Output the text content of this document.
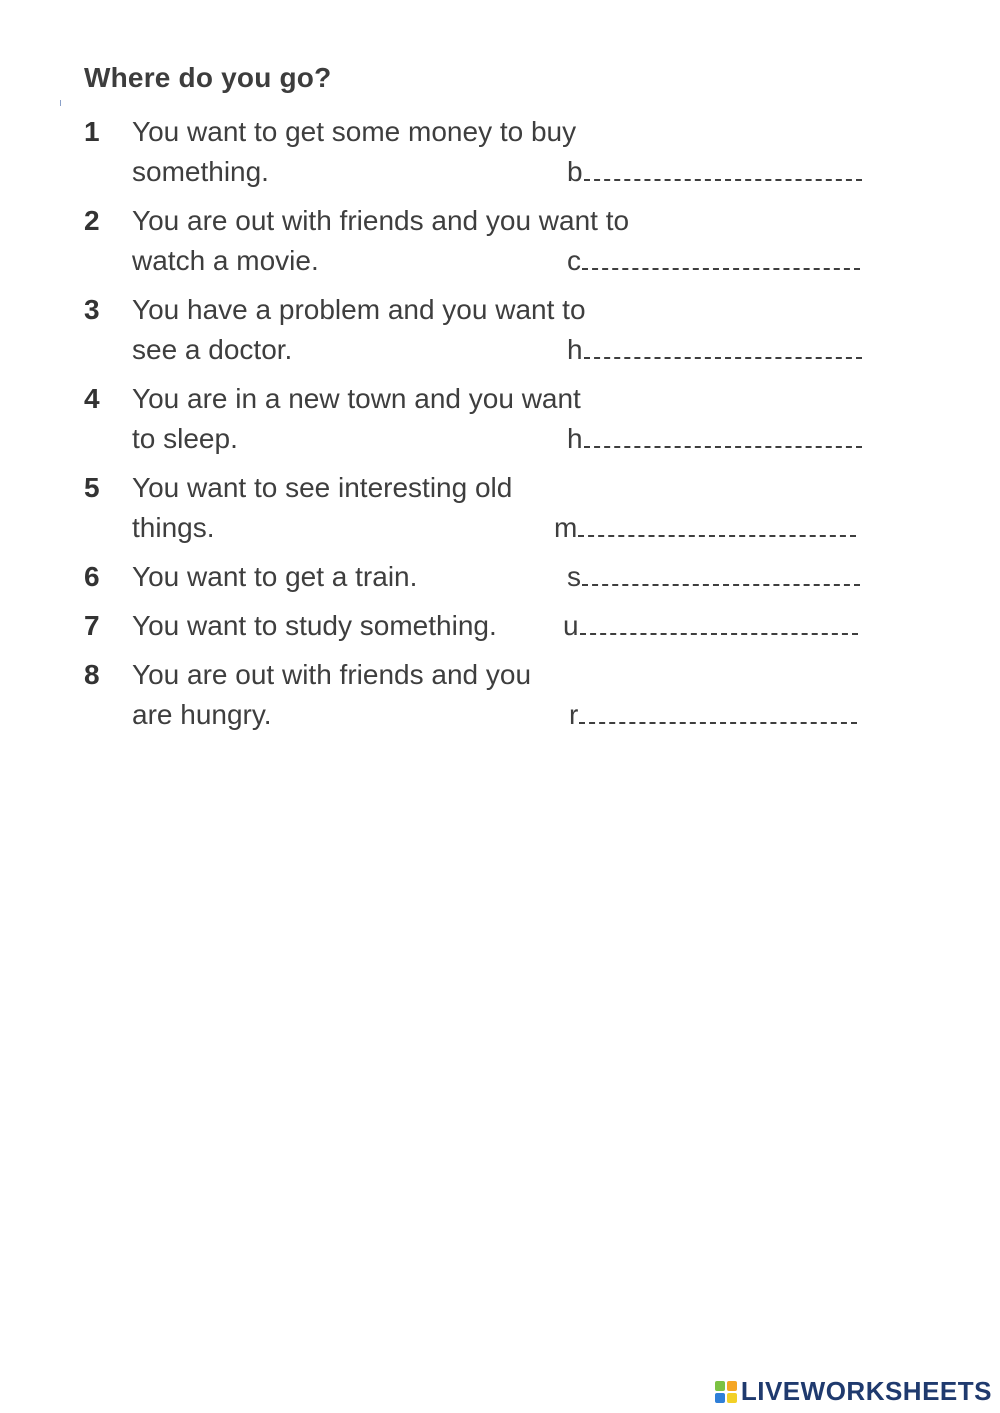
Where do you go?
1 You want to get some money to buy
something.	b
2 You are out with friends and you want to
watch a movie.	c
3 You have a problem and you want to
see a doctor.	h
4 You are in a new town and you want
to sleep.	h
5 You want to see interesting old
things.	m
6 You want to get a train.	s
7 You want to study something. u
8 You are out with friends and you
are hungry.	r
LIVEWORKSHEETS
